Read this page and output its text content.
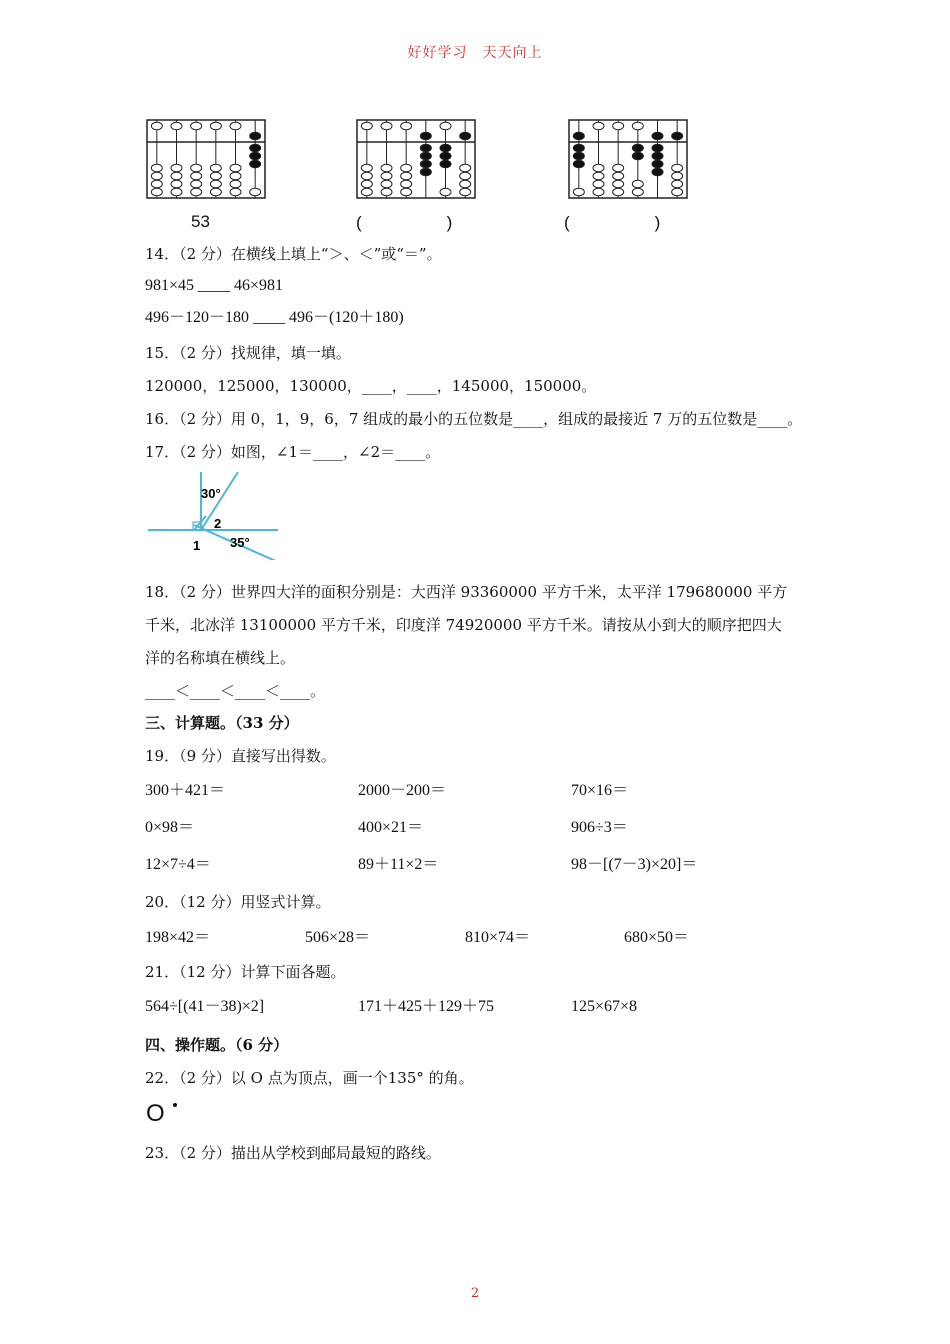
好好学习　天天向上
53	(　　　　　)	(　　　　　)
14．（2 分）在横线上填上“＞、＜”或“＝”。
981×45 ____ 46×981
496－120－180 ____ 496－(120＋180)
15．（2 分）找规律，填一填。
120000，125000，130000，____，____，145000，150000。
16．（2 分）用 0，1，9，6，7 组成的最小的五位数是____，组成的最接近 7 万的五位数是____。
17．（2 分）如图，∠1＝____，∠2＝____。
30°
2
1 35°
18．（2 分）世界四大洋的面积分别是：大西洋 93360000 平方千米，太平洋 179680000 平方
千米，北冰洋 13100000 平方千米，印度洋 74920000 平方千米。请按从小到大的顺序把四大
洋的名称填在横线上。
____＜____＜____＜____。
三、计算题。（33 分）
19．（9 分）直接写出得数。
300＋421＝	2000－200＝	70×16＝
0×98＝	400×21＝	906÷3＝
12×7÷4＝	89＋11×2＝	98－[(7－3)×20]＝
20．（12 分）用竖式计算。
198×42＝	506×28＝	810×74＝	680×50＝
21．（12 分）计算下面各题。
564÷[(41－38)×2]	171＋425＋129＋75	125×67×8
四、操作题。（6 分）
22．（2 分）以 O 点为顶点，画一个135° 的角。
O
23．（2 分）描出从学校到邮局最短的路线。
2
